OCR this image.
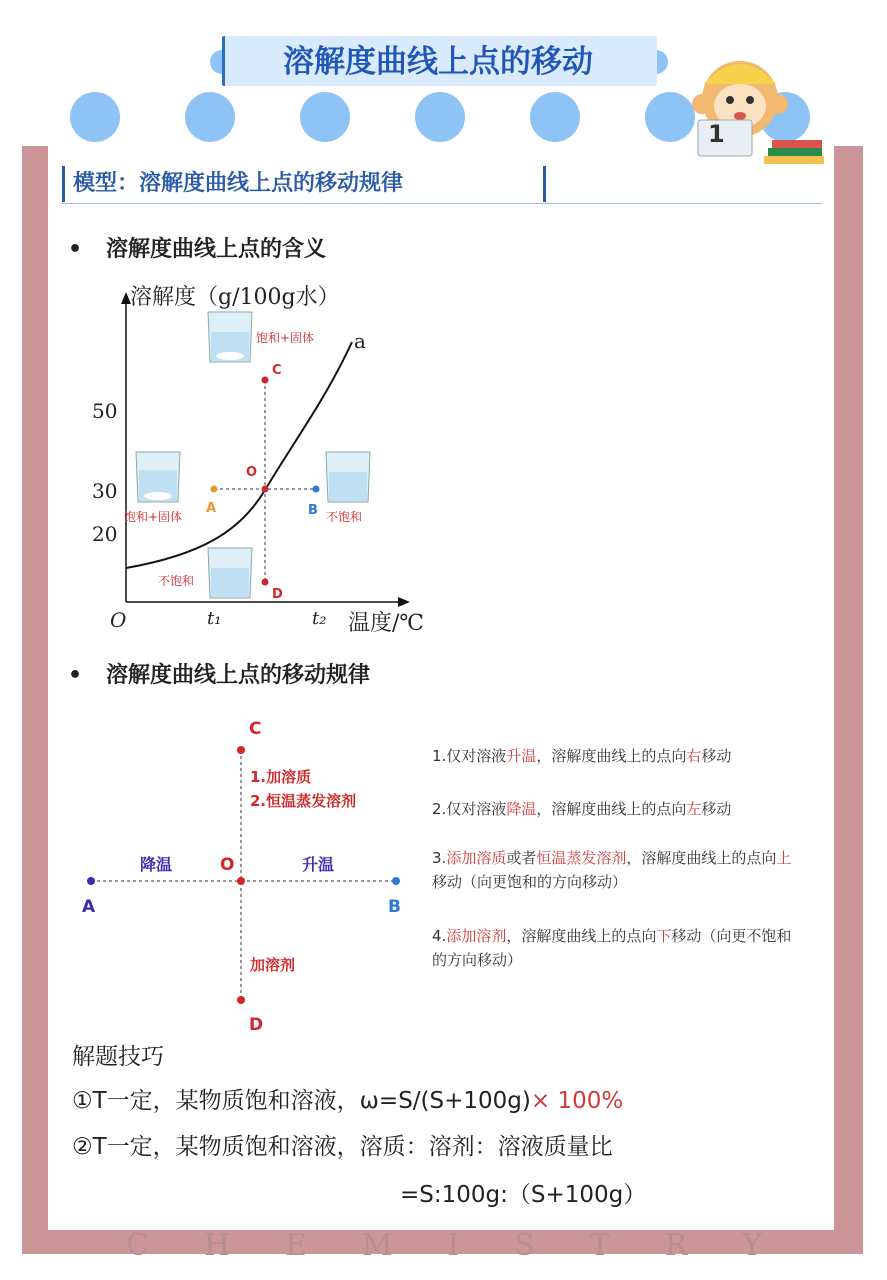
溶解度曲线上点的移动
1
模型：溶解度曲线上点的移动规律
• 溶解度曲线上点的含义
溶解度（g/100g水）
温度/℃
O	t₁	t₂
50
30
20
a
C
O
A	B
D
饱和+固体
饱和+固体	不饱和
不饱和
• 溶解度曲线上点的移动规律
C
D
O
A	B
1.加溶质
2.恒温蒸发溶剂
降温	升温
加溶剂
1.仅对溶液升温，溶解度曲线上的点向右移动
2.仅对溶液降温，溶解度曲线上的点向左移动
3.添加溶质或者恒温蒸发溶剂，溶解度曲线上的点向上移动（向更饱和的方向移动）
4.添加溶剂，溶解度曲线上的点向下移动（向更不饱和的方向移动）
解题技巧
①T一定，某物质饱和溶液，ω=S/(S+100g)× 100%
②T一定，某物质饱和溶液，溶质：溶剂：溶液质量比
=S:100g:（S+100g）
C H E M I S T R Y
